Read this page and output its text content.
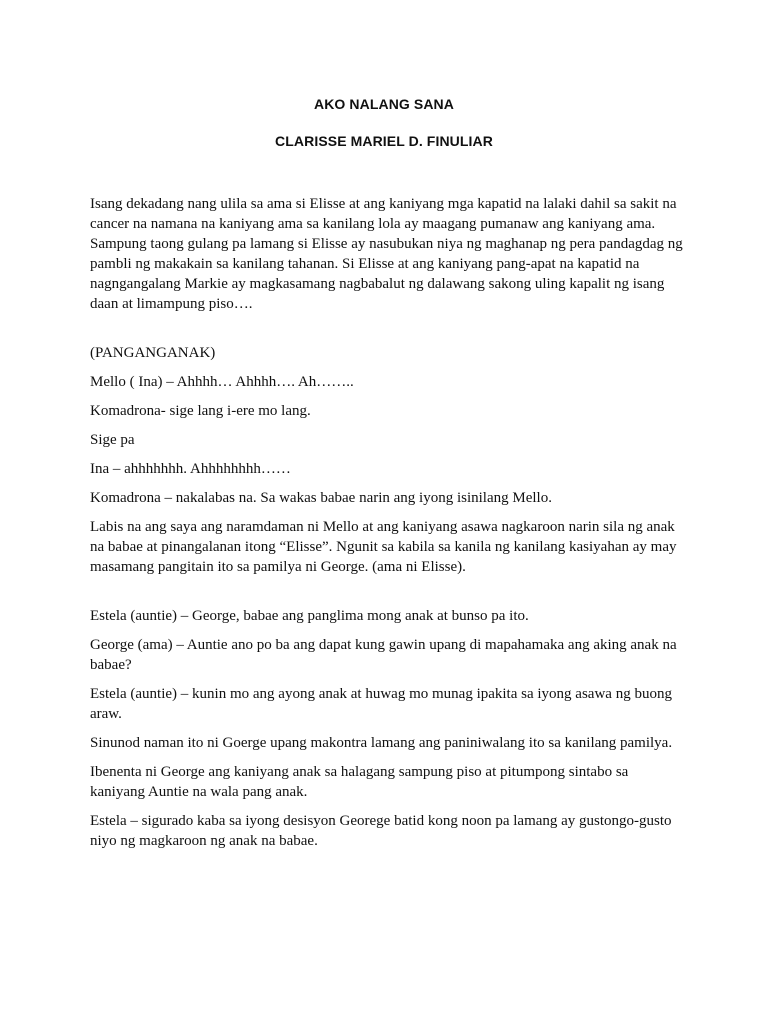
AKO NALANG SANA

CLARISSE MARIEL D. FINULIAR

Isang dekadang nang ulila sa ama si Elisse at ang kaniyang mga kapatid na lalaki dahil sa sakit na cancer na namana na kaniyang ama sa kanilang lola ay maagang pumanaw ang kaniyang ama. Sampung taong gulang pa lamang si Elisse ay nasubukan niya ng maghanap ng pera pandagdag ng pambli ng makakain sa kanilang tahanan. Si Elisse at ang kaniyang pang-apat na kapatid na nagngangalang Markie ay magkasamang nagbabalut ng dalawang sakong uling kapalit ng isang daan at limampung piso….

(PANGANGANAK)

Mello ( Ina) – Ahhhh… Ahhhh…. Ah……..

Komadrona- sige lang i-ere mo lang.

Sige pa

Ina – ahhhhhhh. Ahhhhhhhh……

Komadrona – nakalabas na. Sa wakas babae narin ang iyong isinilang Mello.

Labis na ang saya ang naramdaman ni Mello at ang kaniyang asawa nagkaroon narin sila ng anak na babae at pinangalanan itong “Elisse”. Ngunit sa kabila sa kanila ng kanilang kasiyahan ay may masamang pangitain ito sa pamilya ni George. (ama ni Elisse).

Estela (auntie) – George, babae ang panglima mong anak at bunso pa ito.

George (ama) – Auntie ano po ba ang dapat kung gawin upang di mapahamaka ang aking anak na babae?

Estela (auntie) – kunin mo ang ayong anak at huwag mo munag ipakita sa iyong asawa ng buong araw.

Sinunod naman ito ni Goerge upang makontra lamang ang paniniwalang ito sa kanilang pamilya.

Ibenenta ni George ang kaniyang anak sa halagang sampung piso at pitumpong sintabo sa kaniyang Auntie na wala pang anak.

Estela – sigurado kaba sa iyong desisyon Georege batid kong noon pa lamang ay gustongo-gusto niyo ng magkaroon ng anak na babae.
